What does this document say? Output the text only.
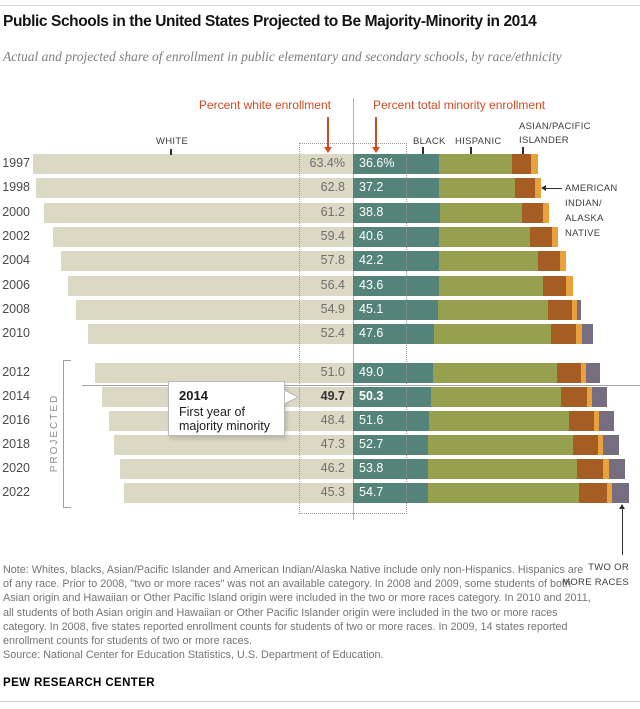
Public Schools in the United States Projected to Be Majority-Minority in 2014
Actual and projected share of enrollment in public elementary and secondary schools, by race/ethnicity
Percent white enrollment	Percent total minority enrollment
WHITE	BLACK HISPANIC
ASIAN/PACIFIC
ISLANDER
AMERICAN
INDIAN/
ALASKA
NATIVE
TWO OR
MORE RACES
PROJECTED
1997	63.4% 36.6%
1998	62.8 37.2
2000	61.2 38.8
2002	59.4 40.6
2004	57.8 42.2
2006	56.4 43.6
2008	54.9 45.1
2010	52.4 47.6
2012	51.0 49.0
2014	49.7 50.3
2016	48.4 51.6
2018	47.3 52.7
2020	46.2 53.8
2022	45.3 54.7
2014
First year of majority minority
Note: Whites, blacks, Asian/Pacific Islander and American Indian/Alaska Native include only non-Hispanics. Hispanics are of any race. Prior to 2008, "two or more races" was not an available category. In 2008 and 2009, some students of both Asian origin and Hawaiian or Other Pacific Island origin were included in the two or more races category. In 2010 and 2011, all students of both Asian origin and Hawaiian or Other Pacific Islander origin were included in the two or more races category. In 2008, five states reported enrollment counts for students of two or more races. In 2009, 14 states reported enrollment counts for students of two or more races.
Source: National Center for Education Statistics, U.S. Department of Education.
PEW RESEARCH CENTER
